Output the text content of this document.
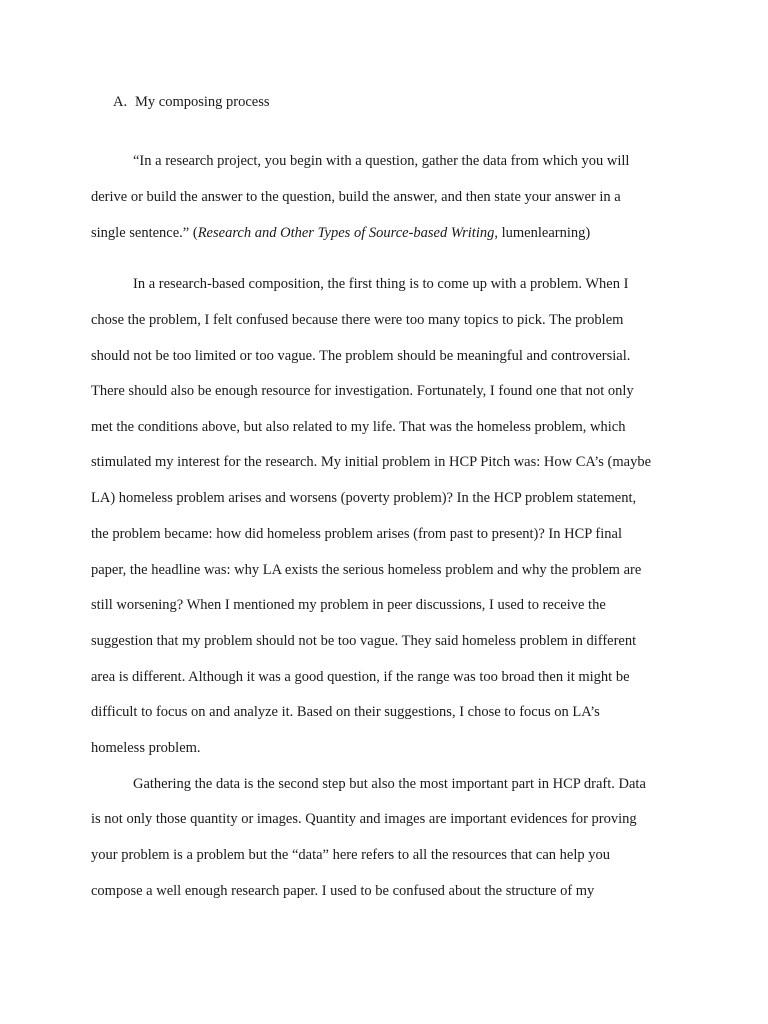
A. My composing process
“In a research project, you begin with a question, gather the data from which you will
derive or build the answer to the question, build the answer, and then state your answer in a
single sentence.” (Research and Other Types of Source-based Writing, lumenlearning)
In a research-based composition, the first thing is to come up with a problem. When I
chose the problem, I felt confused because there were too many topics to pick. The problem
should not be too limited or too vague. The problem should be meaningful and controversial.
There should also be enough resource for investigation. Fortunately, I found one that not only
met the conditions above, but also related to my life. That was the homeless problem, which
stimulated my interest for the research. My initial problem in HCP Pitch was: How CA’s (maybe
LA) homeless problem arises and worsens (poverty problem)? In the HCP problem statement,
the problem became: how did homeless problem arises (from past to present)? In HCP final
paper, the headline was: why LA exists the serious homeless problem and why the problem are
still worsening? When I mentioned my problem in peer discussions, I used to receive the
suggestion that my problem should not be too vague. They said homeless problem in different
area is different. Although it was a good question, if the range was too broad then it might be
difficult to focus on and analyze it. Based on their suggestions, I chose to focus on LA’s
homeless problem.
Gathering the data is the second step but also the most important part in HCP draft. Data
is not only those quantity or images. Quantity and images are important evidences for proving
your problem is a problem but the “data” here refers to all the resources that can help you
compose a well enough research paper. I used to be confused about the structure of my
